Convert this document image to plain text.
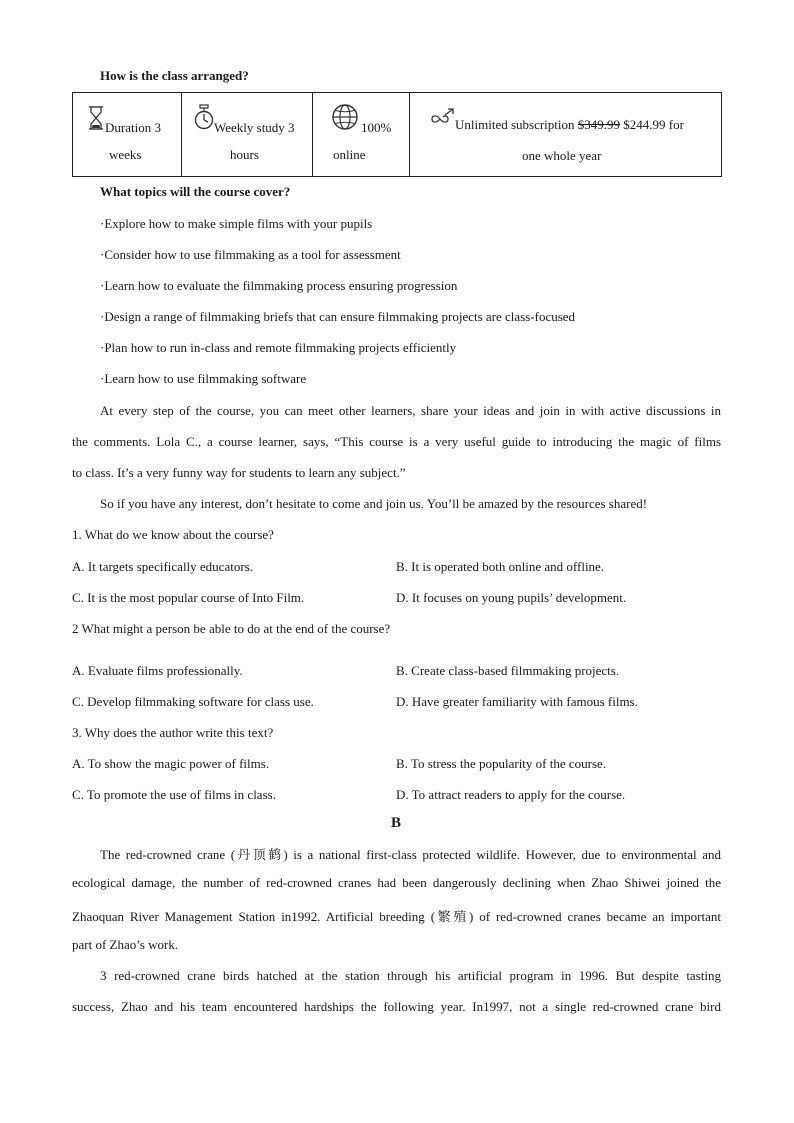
How is the class arranged?
Duration 3
weeks

Weekly study 3
hours

100%
online

Unlimited subscription $349.99 $244.99 for
one whole year
What topics will the course cover?
·Explore how to make simple films with your pupils
·Consider how to use filmmaking as a tool for assessment
·Learn how to evaluate the filmmaking process ensuring progression
·Design a range of filmmaking briefs that can ensure filmmaking projects are class-focused
·Plan how to run in-class and remote filmmaking projects efficiently
·Learn how to use filmmaking software
At every step of the course, you can meet other learners, share your ideas and join in with active discussions in
the comments. Lola C., a course learner, says, “This course is a very useful guide to introducing the magic of films
to class. It’s a very funny way for students to learn any subject.”
So if you have any interest, don’t hesitate to come and join us. You’ll be amazed by the resources shared!
1. What do we know about the course?
A. It targets specifically educators.	B. It is operated both online and offline.
C. It is the most popular course of Into Film.	D. It focuses on young pupils’ development.
2 What might a person be able to do at the end of the course?
A. Evaluate films professionally.	B. Create class-based filmmaking projects.
C. Develop filmmaking software for class use.	D. Have greater familiarity with famous films.
3. Why does the author write this text?
A. To show the magic power of films.	B. To stress the popularity of the course.
C. To promote the use of films in class.	D. To attract readers to apply for the course.
B
The red-crowned crane (丹顶鹤) is a national first-class protected wildlife. However, due to environmental and
ecological damage, the number of red-crowned cranes had been dangerously declining when Zhao Shiwei joined the
Zhaoquan River Management Station in1992. Artificial breeding (繁殖) of red-crowned cranes became an important
part of Zhao’s work.
3 red-crowned crane birds hatched at the station through his artificial program in 1996. But despite tasting
success, Zhao and his team encountered hardships the following year. In1997, not a single red-crowned crane bird
